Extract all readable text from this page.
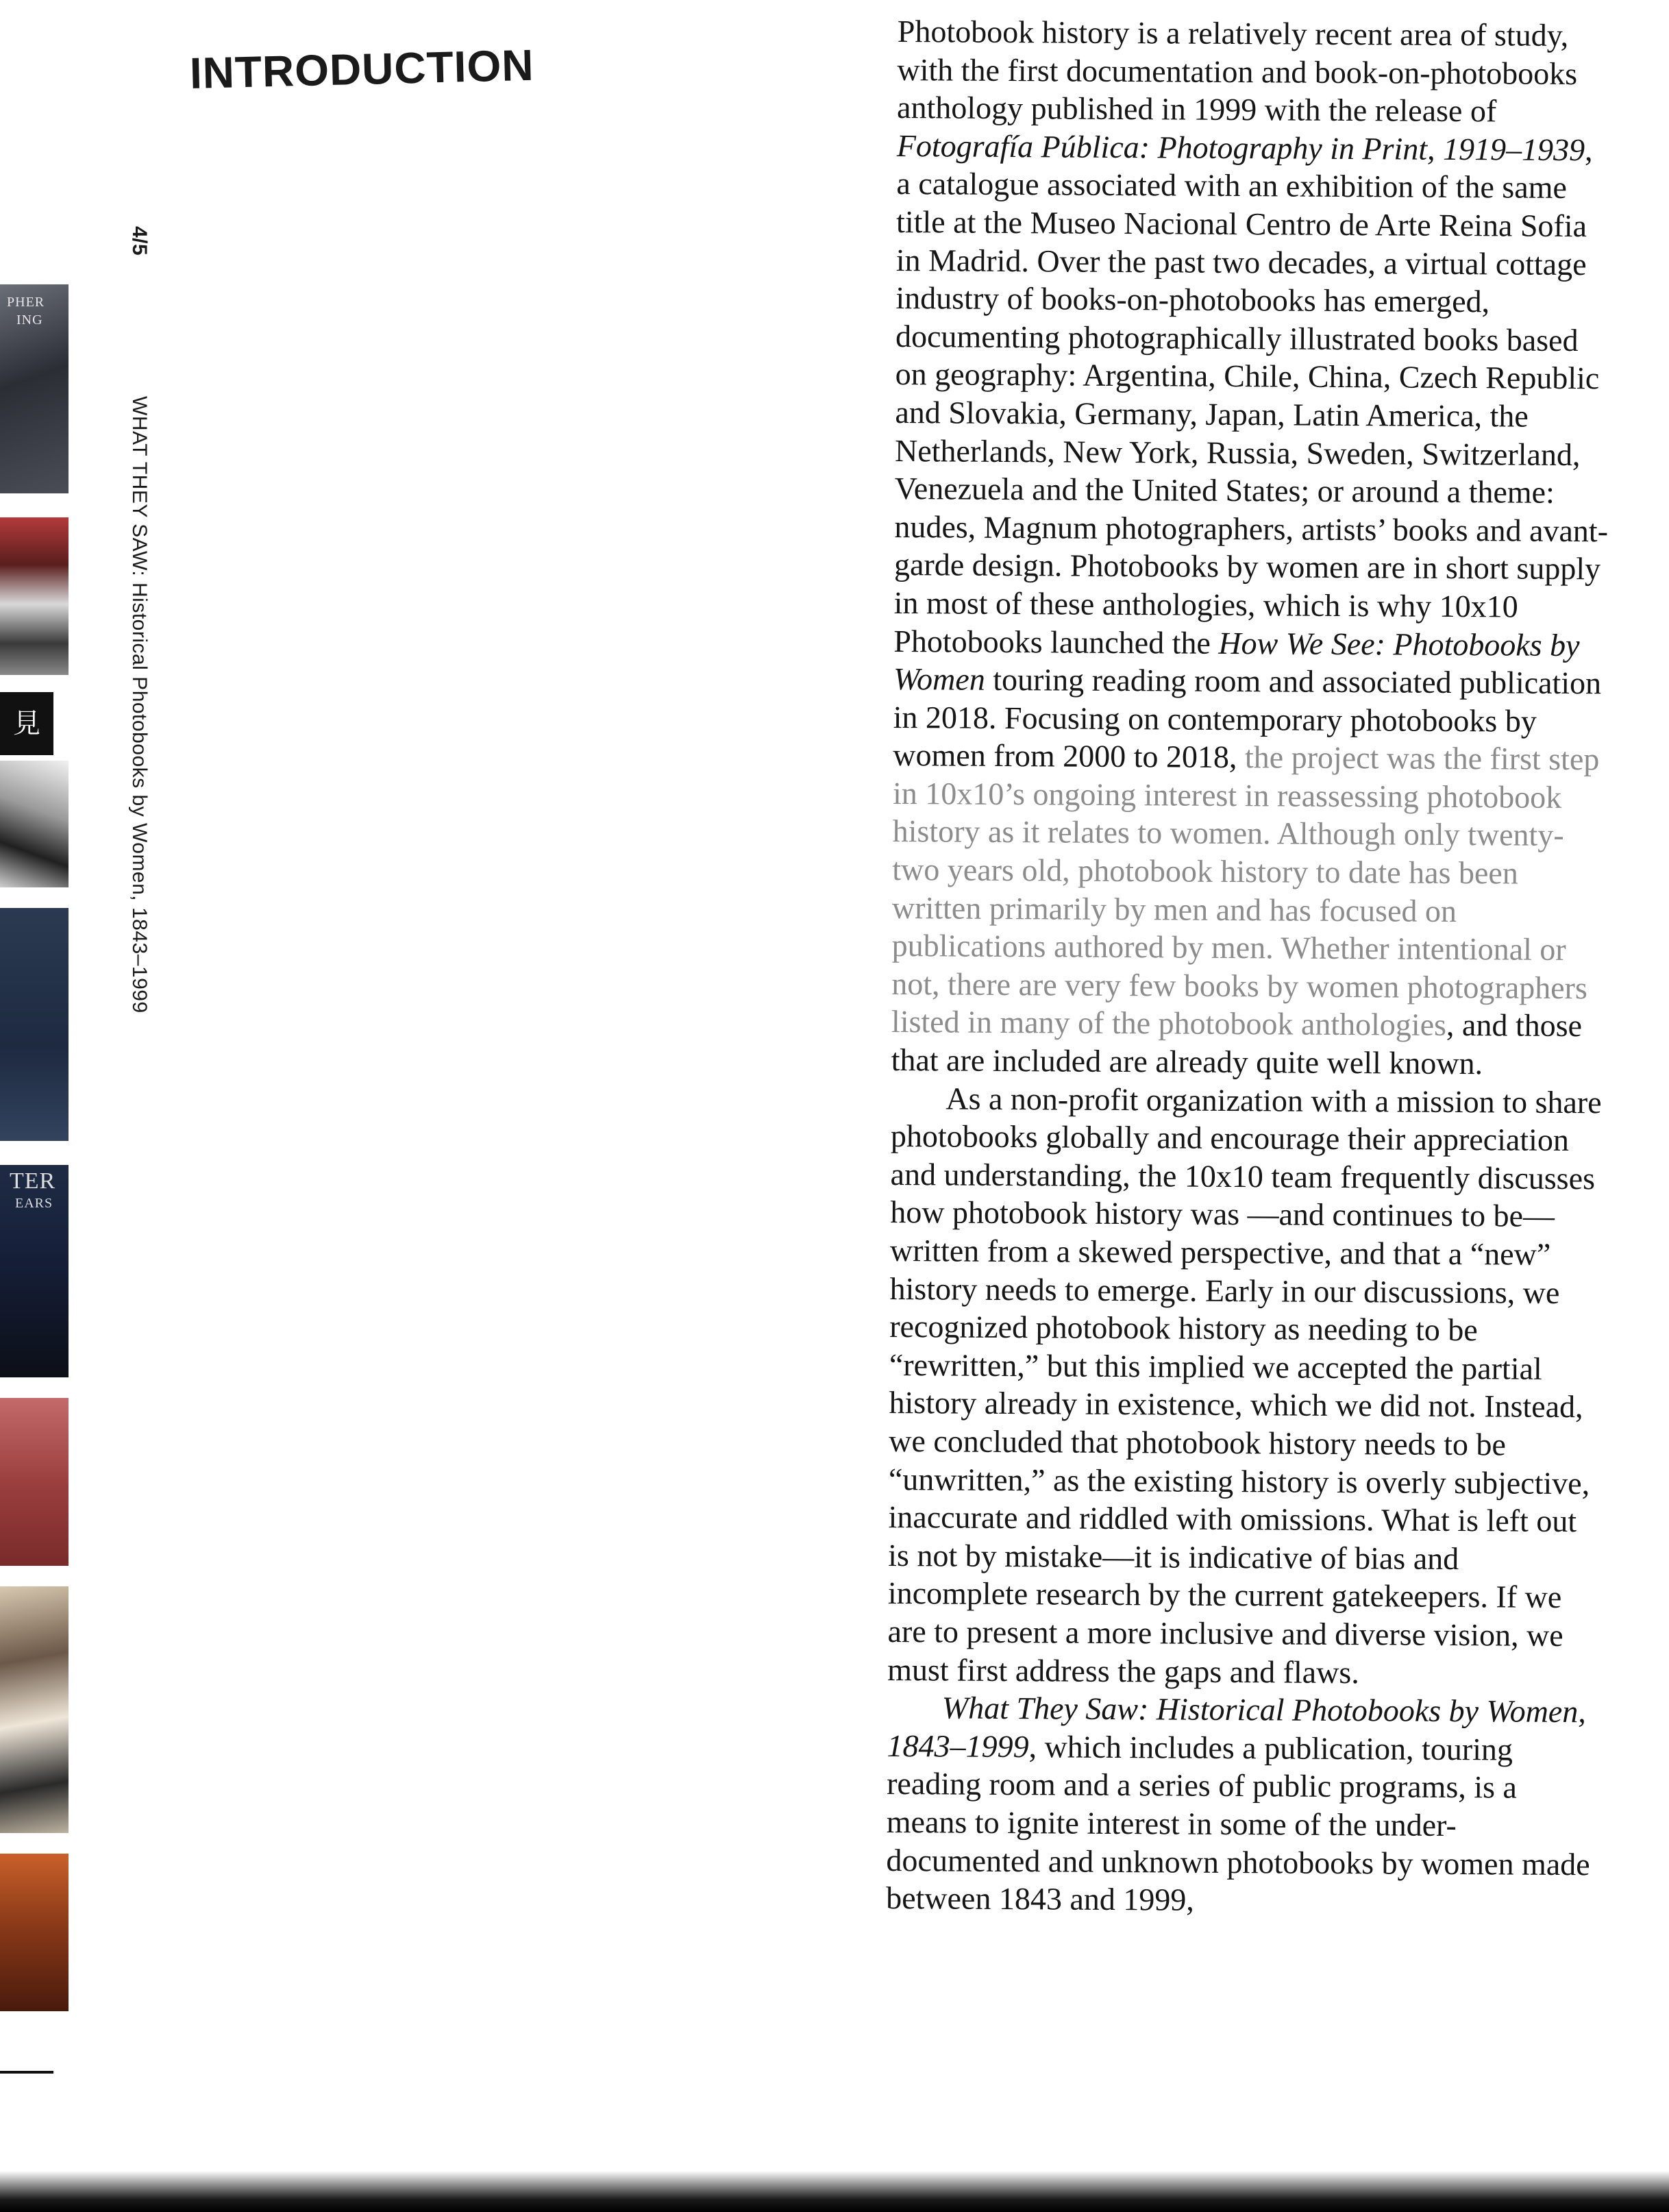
PHER
ING
見
TER
EARS
INTRODUCTION
4/5
WHAT THEY SAW: Historical Photobooks by Women, 1843–1999

Photobook history is a relatively recent area of study, with the first documentation and book-on-photobooks anthology published in 1999 with the release of Fotografía Pública: Photography in Print, 1919–1939, a catalogue associated with an exhibition of the same title at the Museo Nacional Centro de Arte Reina Sofia in Madrid. Over the past two decades, a virtual cottage industry of books-on-photobooks has emerged, documenting photographically illustrated books based on geography: Argentina, Chile, China, Czech Republic and Slovakia, Germany, Japan, Latin America, the Netherlands, New York, Russia, Sweden, Switzerland, Venezuela and the United States; or around a theme: nudes, Magnum photographers, artists’ books and avant-garde design. Photobooks by women are in short supply in most of these anthologies, which is why 10x10 Photobooks launched the How We See: Photobooks by Women touring reading room and associated publication in 2018. Focusing on contemporary photobooks by women from 2000 to 2018, the project was the first step in 10x10’s ongoing interest in reassessing photobook history as it relates to women. Although only twenty-two years old, photobook history to date has been written primarily by men and has focused on publications authored by men. Whether intentional or not, there are very few books by women photographers listed in many of the photobook anthologies, and those that are included are already quite well known.

As a non-profit organization with a mission to share photobooks globally and encourage their appreciation and understanding, the 10x10 team frequently discusses how photobook history was —and continues to be—written from a skewed perspective, and that a “new” history needs to emerge. Early in our discussions, we recognized photobook history as needing to be “rewritten,” but this implied we accepted the partial history already in existence, which we did not. Instead, we concluded that photobook history needs to be “unwritten,” as the existing history is overly subjective, inaccurate and riddled with omissions. What is left out is not by mistake—it is indicative of bias and incomplete research by the current gatekeepers. If we are to present a more inclusive and diverse vision, we must first address the gaps and flaws.

What They Saw: Historical Photobooks by Women, 1843–1999, which includes a publication, touring reading room and a series of public programs, is a means to ignite interest in some of the under-documented and unknown photobooks by women made between 1843 and 1999,
